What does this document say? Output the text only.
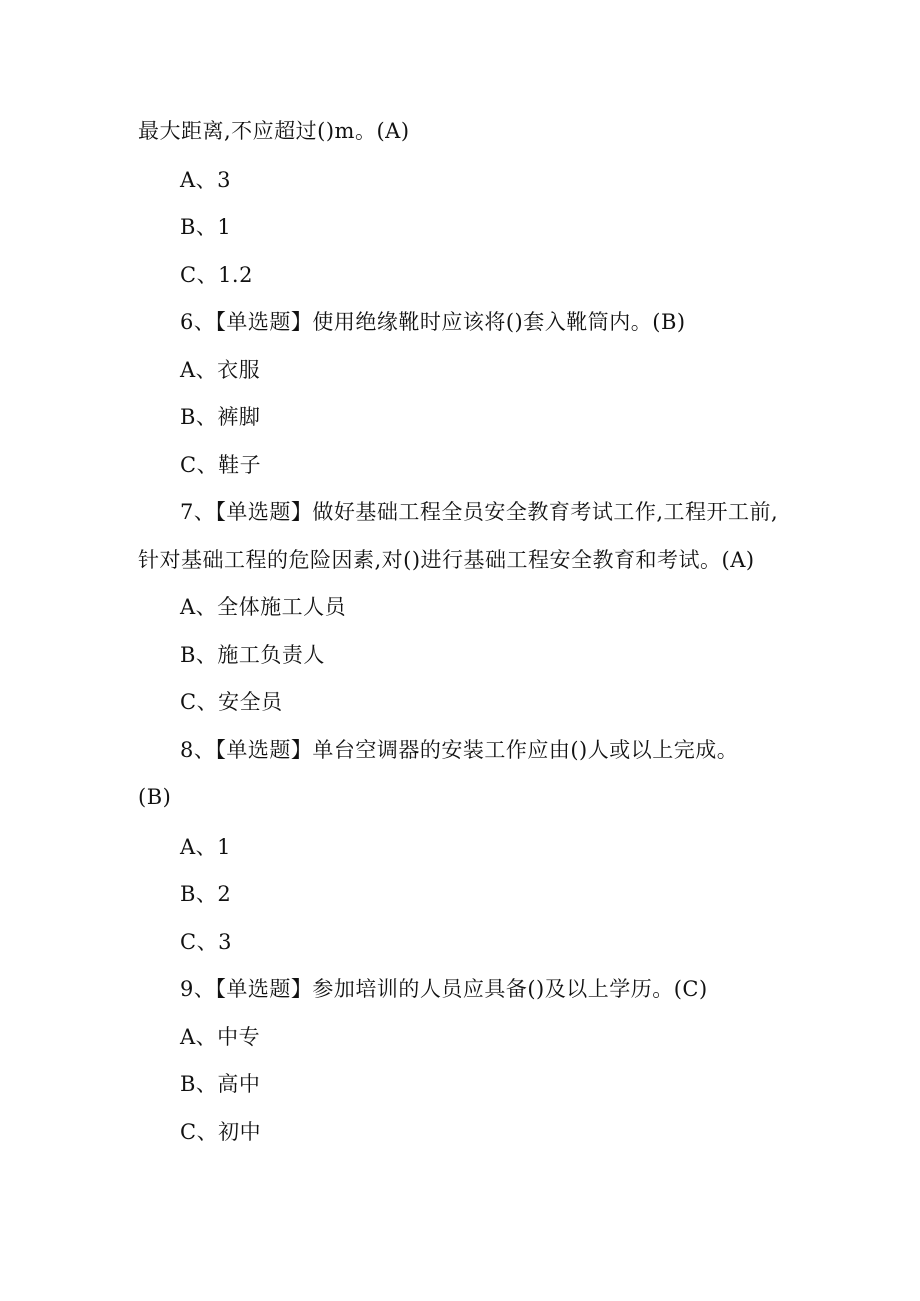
最大距离,不应超过()m。(A)
A、3
B、1
C、1.2
6、【单选题】使用绝缘靴时应该将()套入靴筒内。(B)
A、衣服
B、裤脚
C、鞋子
7、【单选题】做好基础工程全员安全教育考试工作,工程开工前,
针对基础工程的危险因素,对()进行基础工程安全教育和考试。(A)
A、全体施工人员
B、施工负责人
C、安全员
8、【单选题】单台空调器的安装工作应由()人或以上完成。
(B)
A、1
B、2
C、3
9、【单选题】参加培训的人员应具备()及以上学历。(C)
A、中专
B、高中
C、初中
